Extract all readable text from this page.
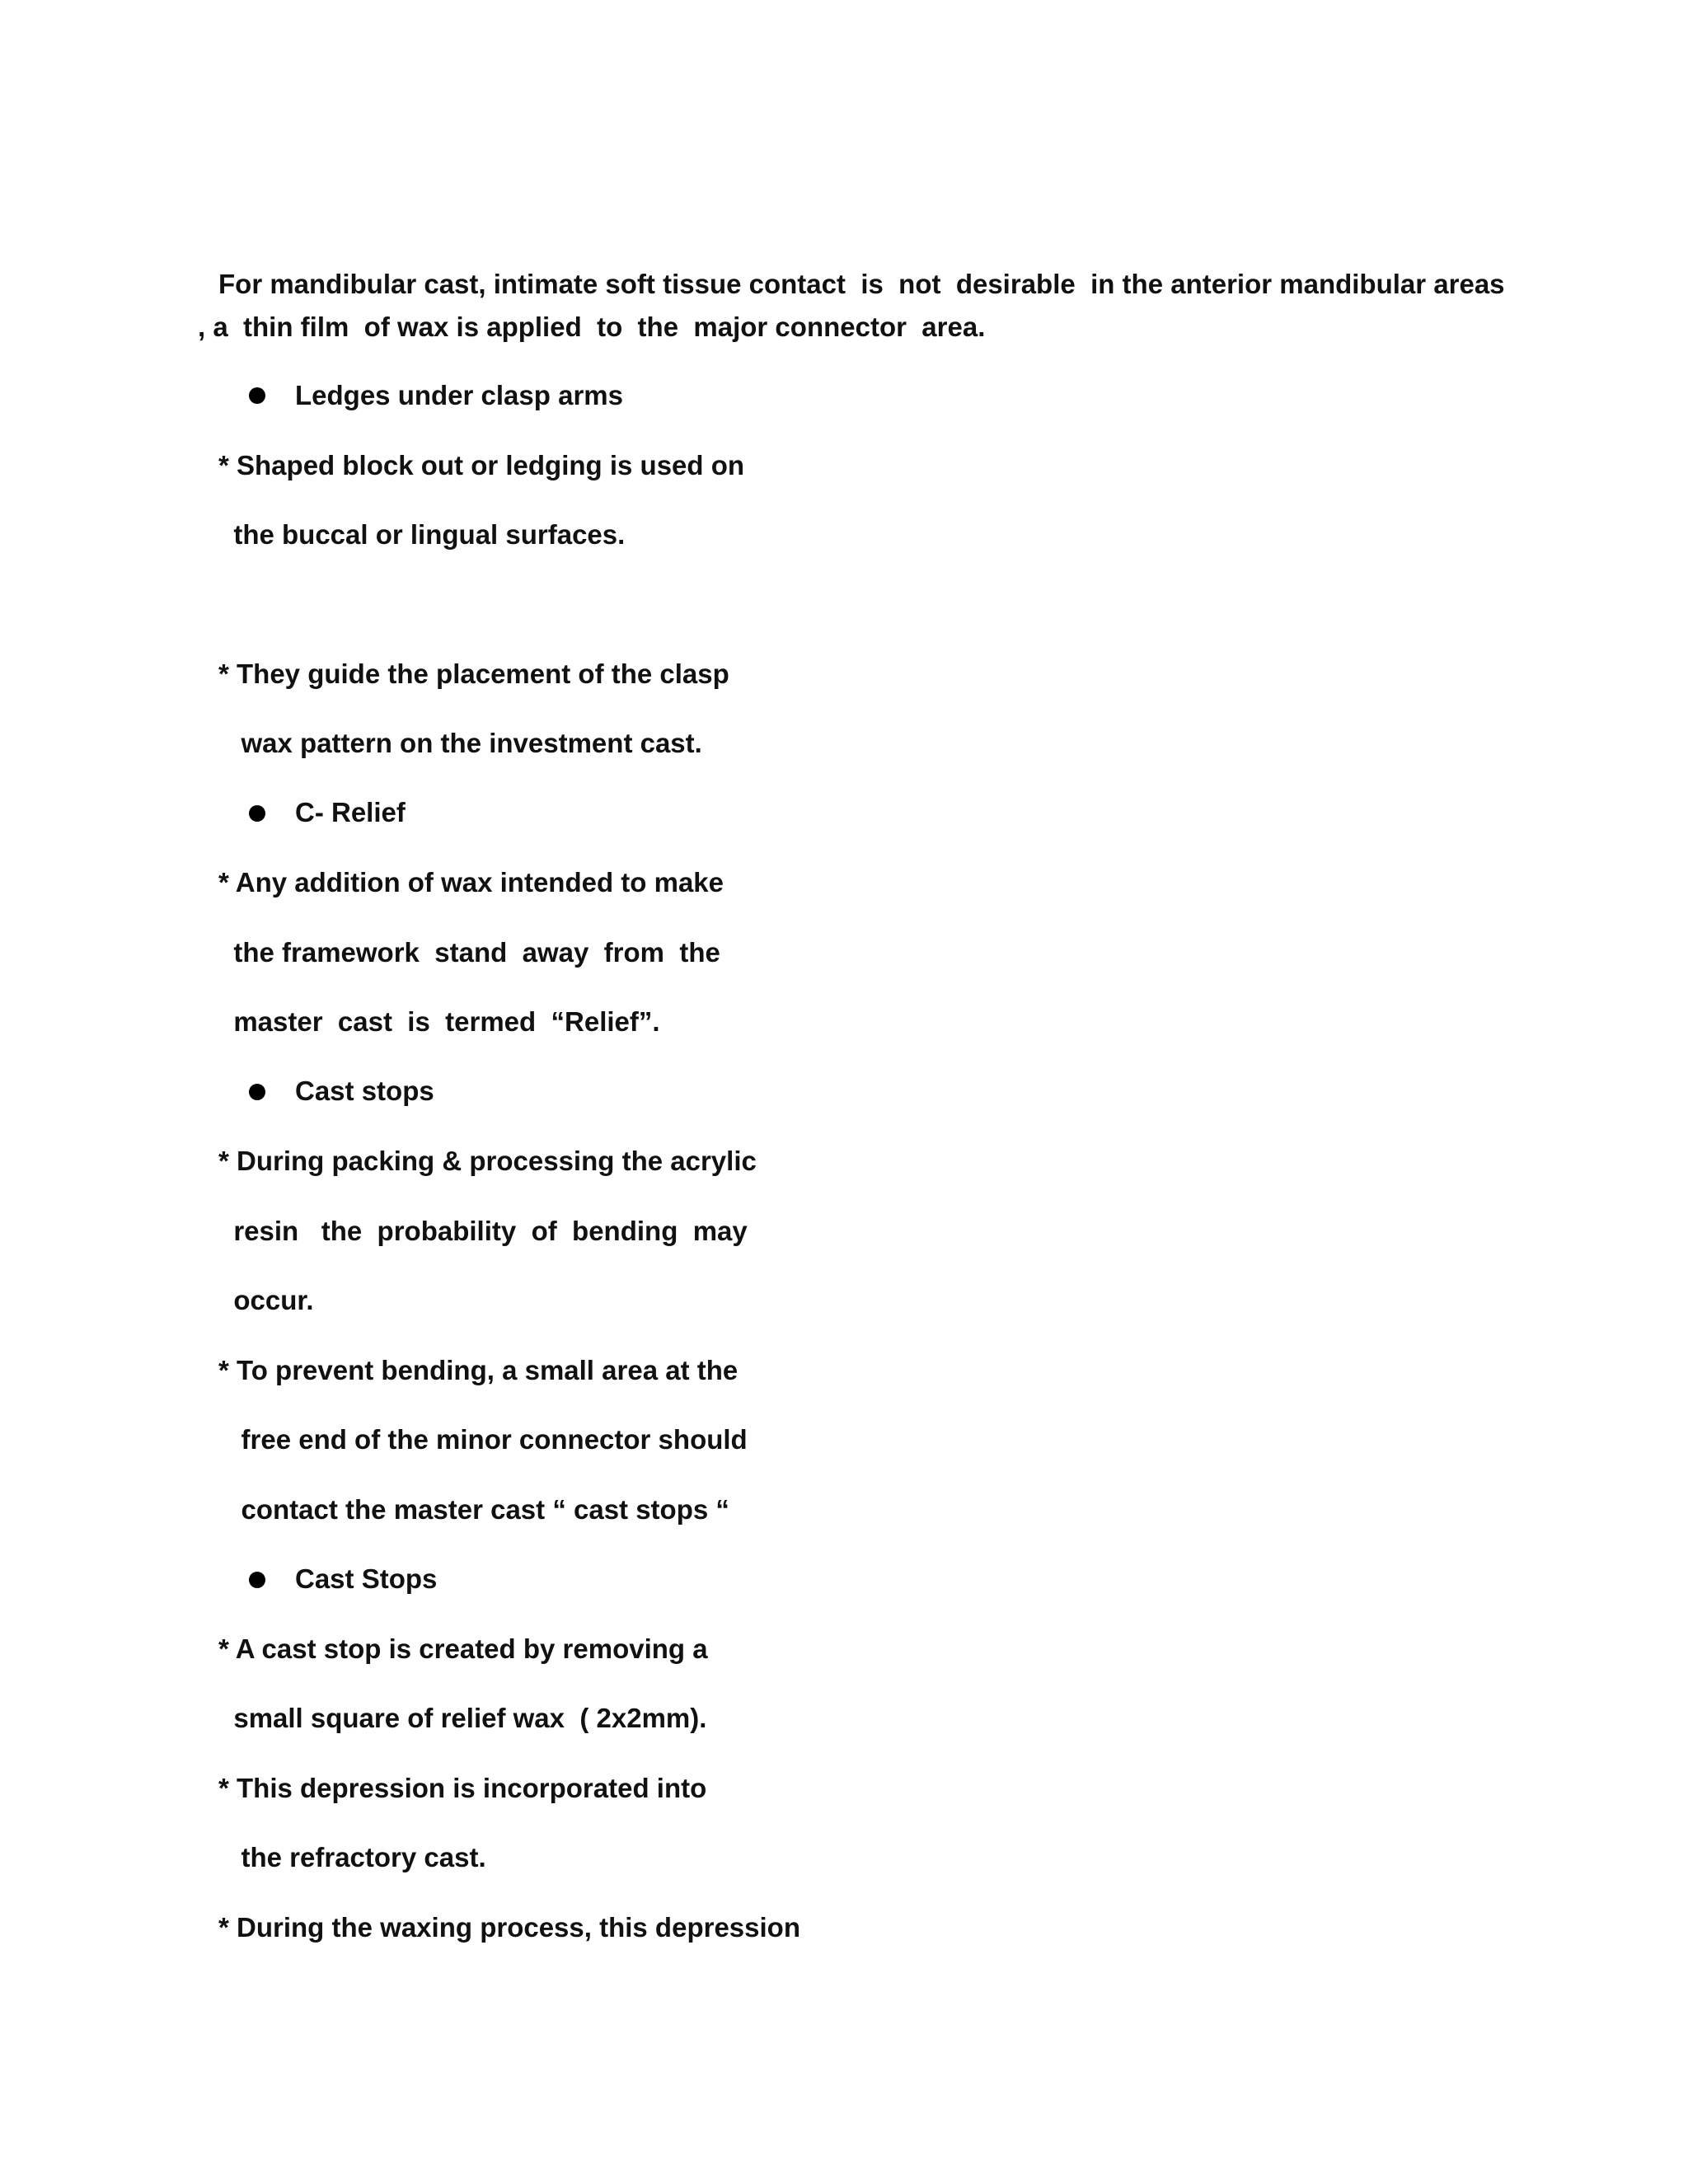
For mandibular cast, intimate soft tissue contact  is  not  desirable  in the anterior mandibular areas
, a  thin film  of wax is applied  to  the  major connector  area.
Ledges under clasp arms
* Shaped block out or ledging is used on
the buccal or lingual surfaces.
* They guide the placement of the clasp
wax pattern on the investment cast.
C- Relief
* Any addition of wax intended to make
the framework  stand  away  from  the
master  cast  is  termed  “Relief”.
Cast stops
* During packing & processing the acrylic
resin   the  probability  of  bending  may
occur.
* To prevent bending, a small area at the
free end of the minor connector should
contact the master cast “ cast stops “
Cast Stops
* A cast stop is created by removing a
small square of relief wax  ( 2x2mm).
* This depression is incorporated into
the refractory cast.
* During the waxing process, this depression
